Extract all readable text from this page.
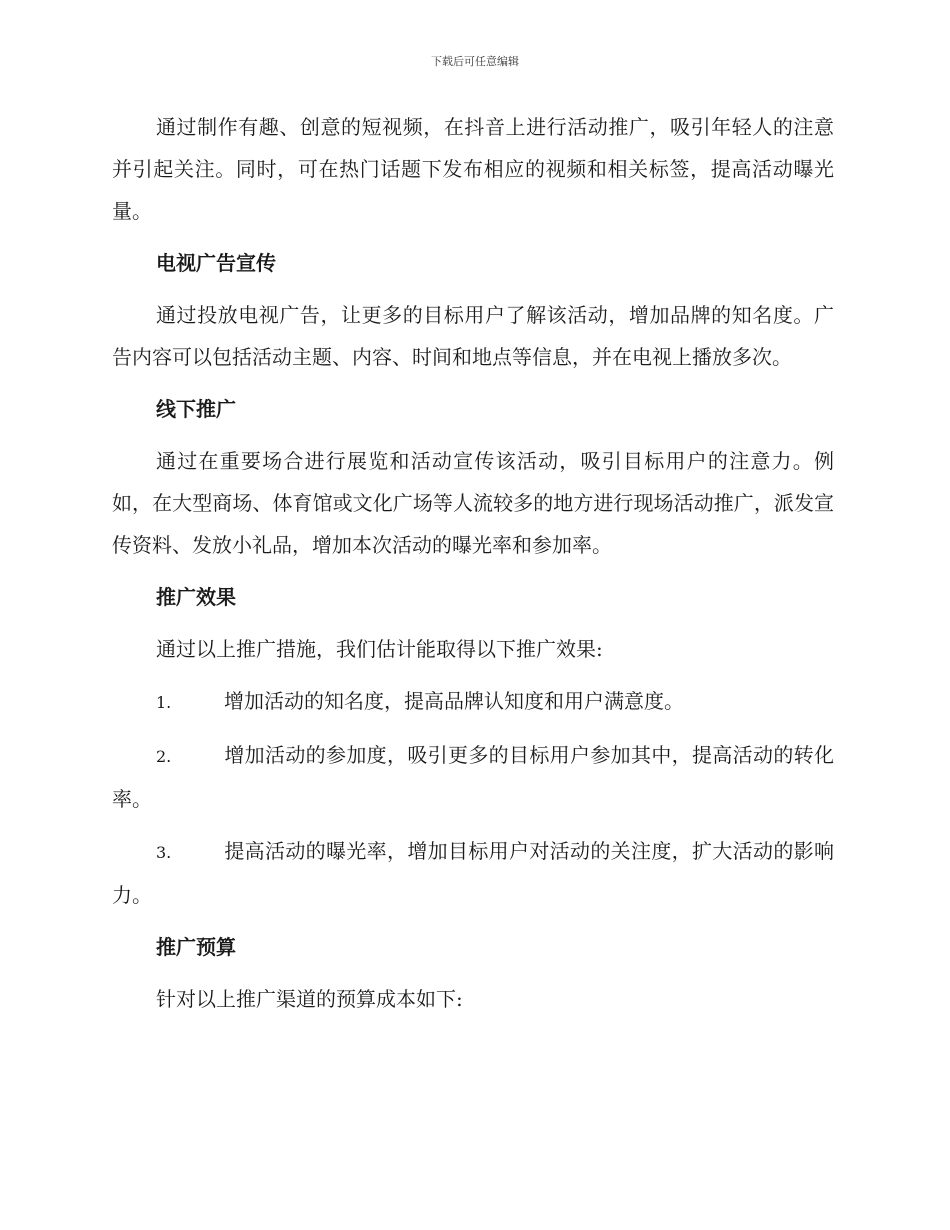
下载后可任意编辑

通过制作有趣、创意的短视频，在抖音上进行活动推广，吸引年轻人的注意并引起关注。同时，可在热门话题下发布相应的视频和相关标签，提高活动曝光量。

电视广告宣传

通过投放电视广告，让更多的目标用户了解该活动，增加品牌的知名度。广告内容可以包括活动主题、内容、时间和地点等信息，并在电视上播放多次。

线下推广

通过在重要场合进行展览和活动宣传该活动，吸引目标用户的注意力。例如，在大型商场、体育馆或文化广场等人流较多的地方进行现场活动推广，派发宣传资料、发放小礼品，增加本次活动的曝光率和参加率。

推广效果

通过以上推广措施，我们估计能取得以下推广效果:

1.	增加活动的知名度，提高品牌认知度和用户满意度。

2.	增加活动的参加度，吸引更多的目标用户参加其中，提高活动的转化率。

3.	提高活动的曝光率，增加目标用户对活动的关注度，扩大活动的影响力。

推广预算

针对以上推广渠道的预算成本如下:
